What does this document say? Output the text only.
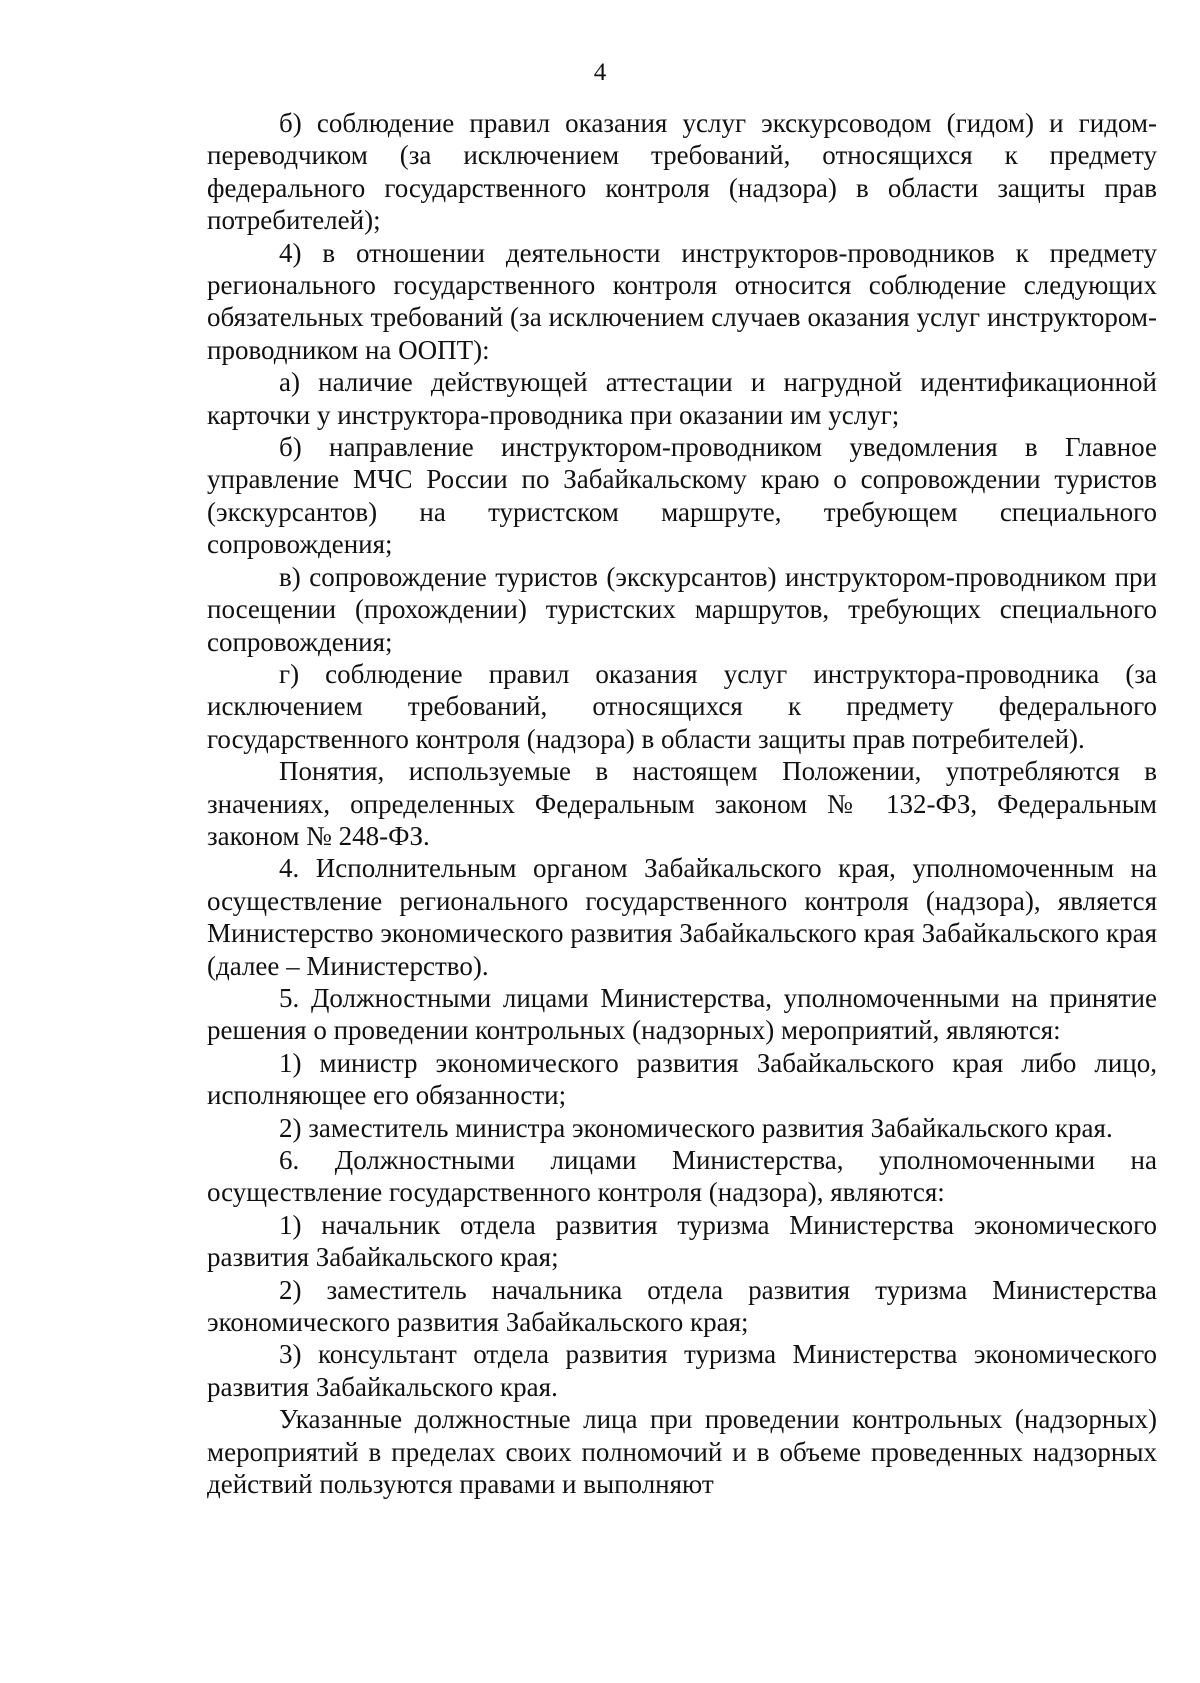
4

б) соблюдение правил оказания услуг экскурсоводом (гидом) и гидом-переводчиком (за исключением требований, относящихся к предмету федерального государственного контроля (надзора) в области защиты прав потребителей);

4) в отношении деятельности инструкторов-проводников к предмету регионального государственного контроля относится соблюдение следующих обязательных требований (за исключением случаев оказания услуг инструктором-проводником на ООПТ):

а) наличие действующей аттестации и нагрудной идентификационной карточки у инструктора-проводника при оказании им услуг;

б) направление инструктором-проводником уведомления в Главное управление МЧС России по Забайкальскому краю о сопровождении туристов (экскурсантов) на туристском маршруте, требующем специального сопровождения;

в) сопровождение туристов (экскурсантов) инструктором-проводником при посещении (прохождении) туристских маршрутов, требующих специального сопровождения;

г) соблюдение правил оказания услуг инструктора-проводника (за исключением требований, относящихся к предмету федерального государственного контроля (надзора) в области защиты прав потребителей).

Понятия, используемые в настоящем Положении, употребляются в значениях, определенных Федеральным законом № 132-ФЗ, Федеральным законом № 248-ФЗ.

4. Исполнительным органом Забайкальского края, уполномоченным на осуществление регионального государственного контроля (надзора), является Министерство экономического развития Забайкальского края Забайкальского края (далее – Министерство).

5. Должностными лицами Министерства, уполномоченными на принятие решения о проведении контрольных (надзорных) мероприятий, являются:

1) министр экономического развития Забайкальского края либо лицо, исполняющее его обязанности;

2) заместитель министра экономического развития Забайкальского края.

6. Должностными лицами Министерства, уполномоченными на осуществление государственного контроля (надзора), являются:

1) начальник отдела развития туризма Министерства экономического развития Забайкальского края;

2) заместитель начальника отдела развития туризма Министерства экономического развития Забайкальского края;

3) консультант отдела развития туризма Министерства экономического развития Забайкальского края.

Указанные должностные лица при проведении контрольных (надзорных) мероприятий в пределах своих полномочий и в объеме проведенных надзорных действий пользуются правами и выполняют
